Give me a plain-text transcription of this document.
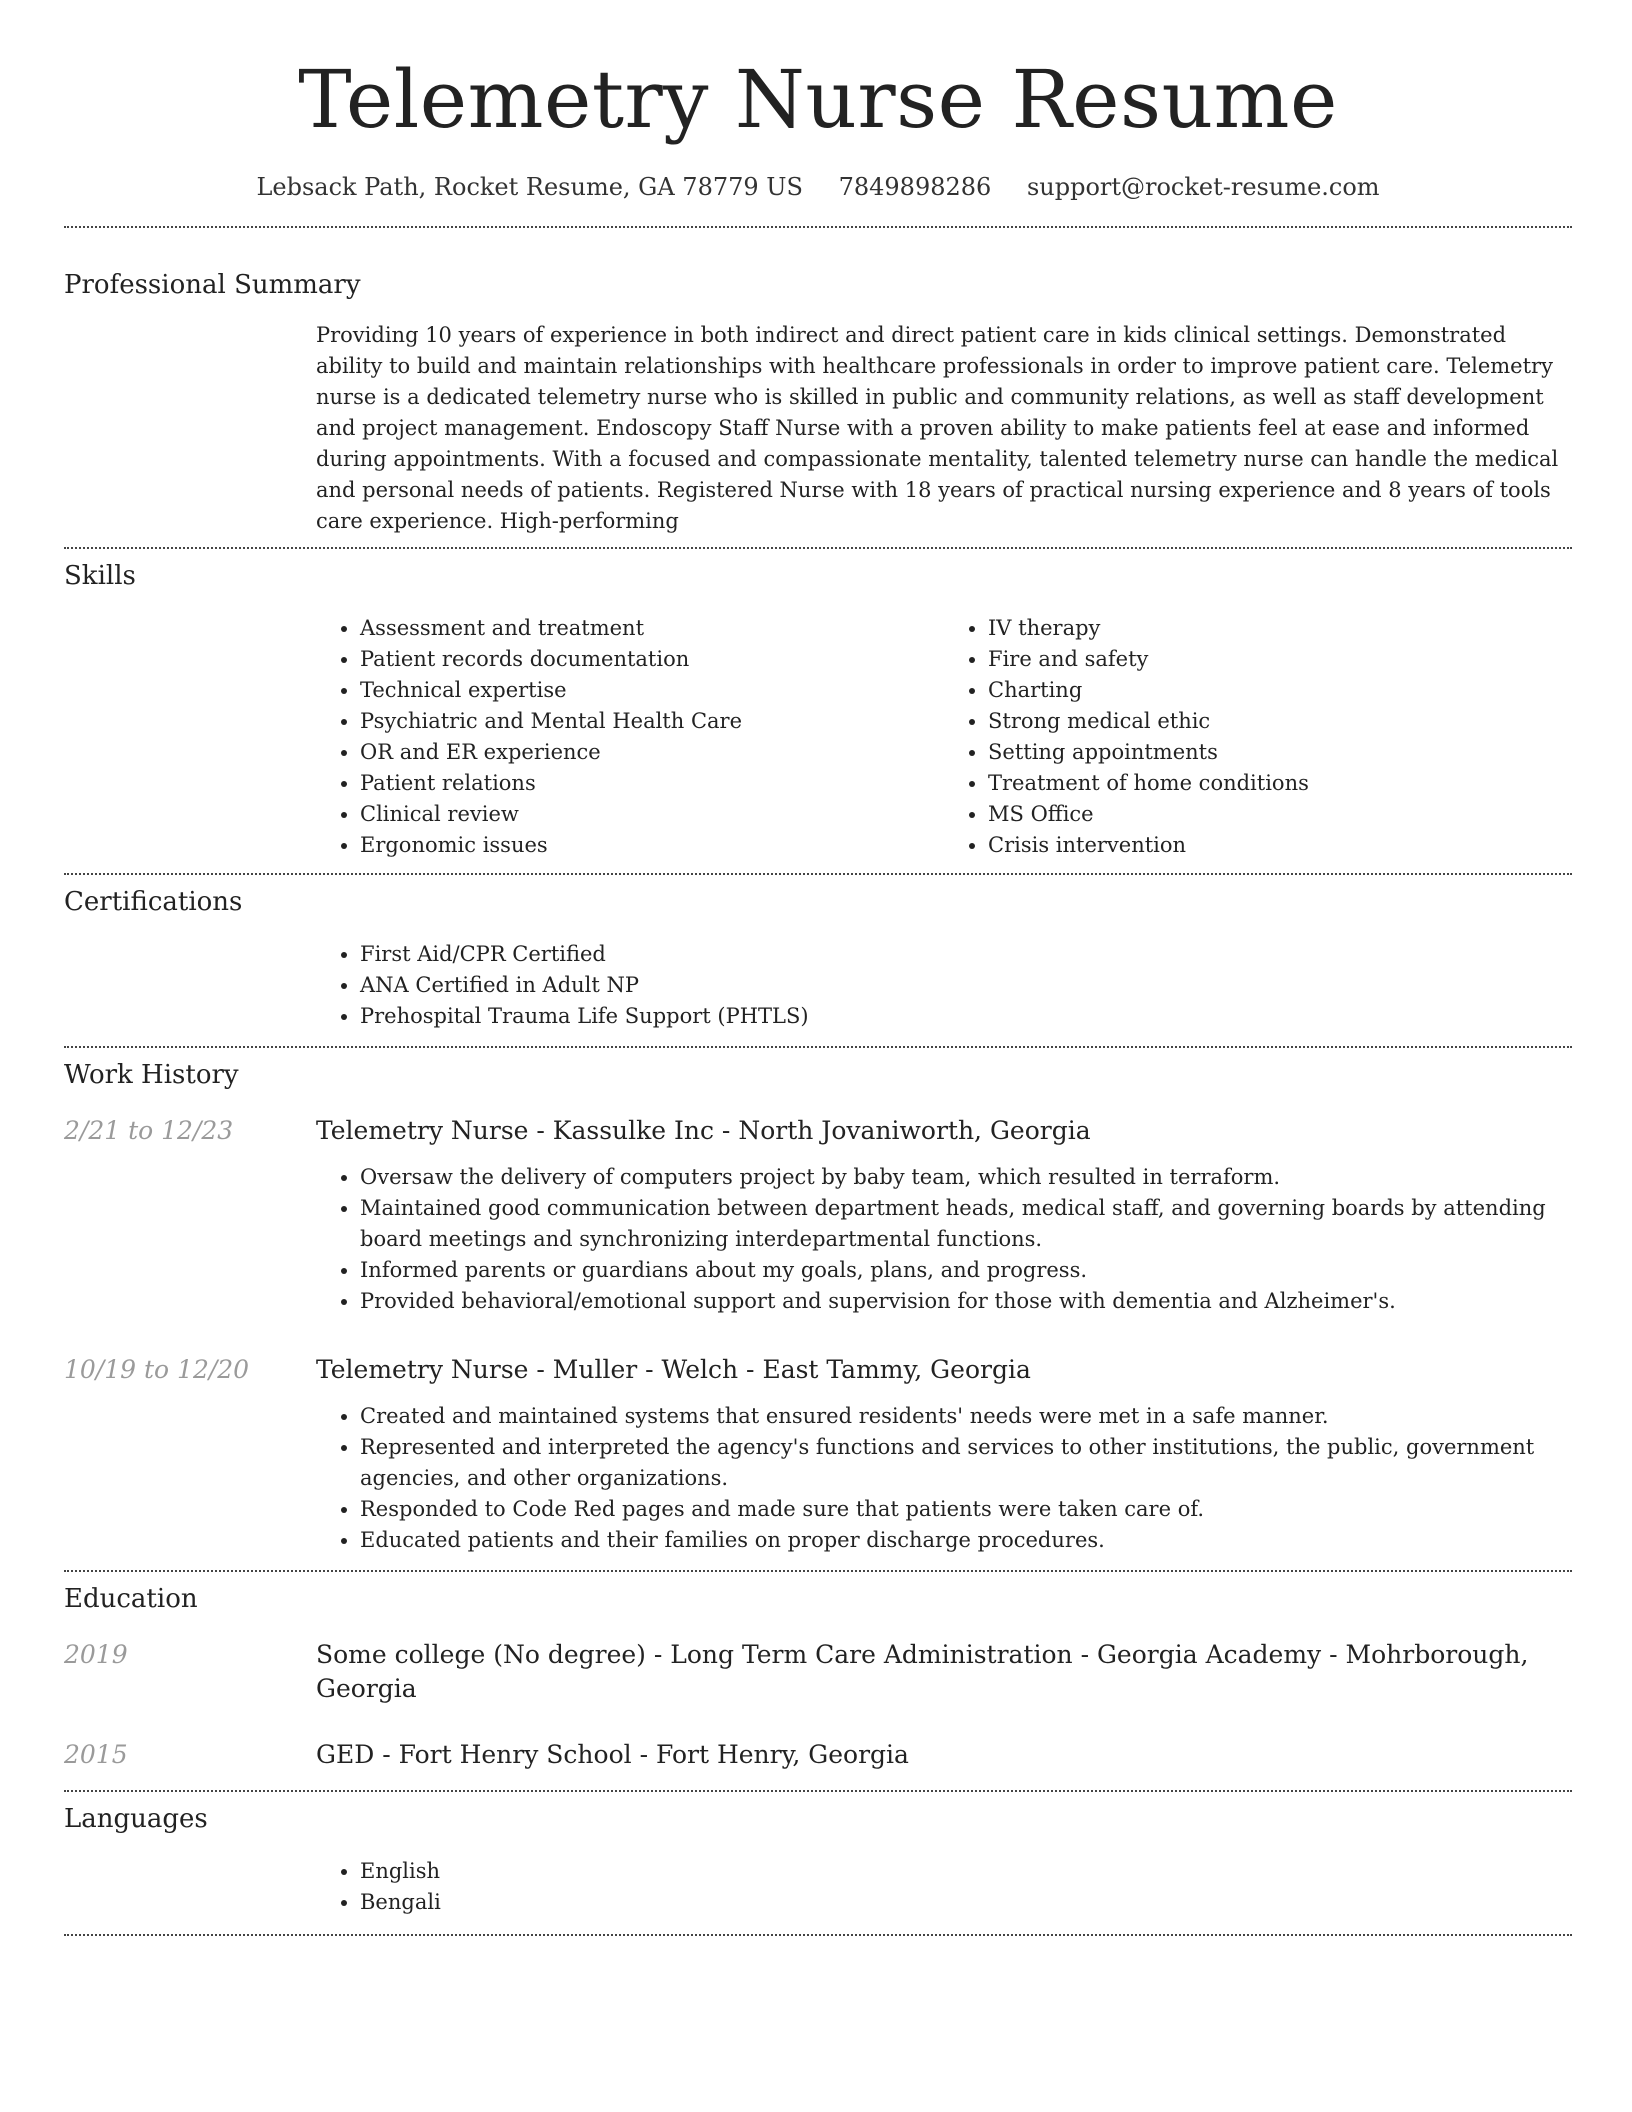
Telemetry Nurse Resume
Lebsack Path, Rocket Resume, GA 78779 US 7849898286 support@rocket-resume.com
Professional Summary

Providing 10 years of experience in both indirect and direct patient care in kids clinical settings. Demonstrated ability to build and maintain relationships with healthcare professionals in order to improve patient care. Telemetry nurse is a dedicated telemetry nurse who is skilled in public and community relations, as well as staff development and project management. Endoscopy Staff Nurse with a proven ability to make patients feel at ease and informed during appointments. With a focused and compassionate mentality, talented telemetry nurse can handle the medical and personal needs of patients. Registered Nurse with 18 years of practical nursing experience and 8 years of tools care experience. High-performing

Skills
• Assessment and treatment
• Patient records documentation
• Technical expertise
• Psychiatric and Mental Health Care
• OR and ER experience
• Patient relations
• Clinical review
• Ergonomic issues
• IV therapy
• Fire and safety
• Charting
• Strong medical ethic
• Setting appointments
• Treatment of home conditions
• MS Office
• Crisis intervention
Certifications
• First Aid/CPR Certified
• ANA Certified in Adult NP
• Prehospital Trauma Life Support (PHTLS)
Work History
2/21 to 12/23	Telemetry Nurse - Kassulke Inc - North Jovaniworth, Georgia
• Oversaw the delivery of computers project by baby team, which resulted in terraform.
• Maintained good communication between department heads, medical staff, and governing boards by attending board meetings and synchronizing interdepartmental functions.
• Informed parents or guardians about my goals, plans, and progress.
• Provided behavioral/emotional support and supervision for those with dementia and Alzheimer's.
10/19 to 12/20	Telemetry Nurse - Muller - Welch - East Tammy, Georgia
• Created and maintained systems that ensured residents' needs were met in a safe manner.
• Represented and interpreted the agency's functions and services to other institutions, the public, government agencies, and other organizations.
• Responded to Code Red pages and made sure that patients were taken care of.
• Educated patients and their families on proper discharge procedures.
Education
2019	Some college (No degree) - Long Term Care Administration - Georgia Academy - Mohrborough, Georgia
2015	GED - Fort Henry School - Fort Henry, Georgia
Languages
• English
• Bengali
